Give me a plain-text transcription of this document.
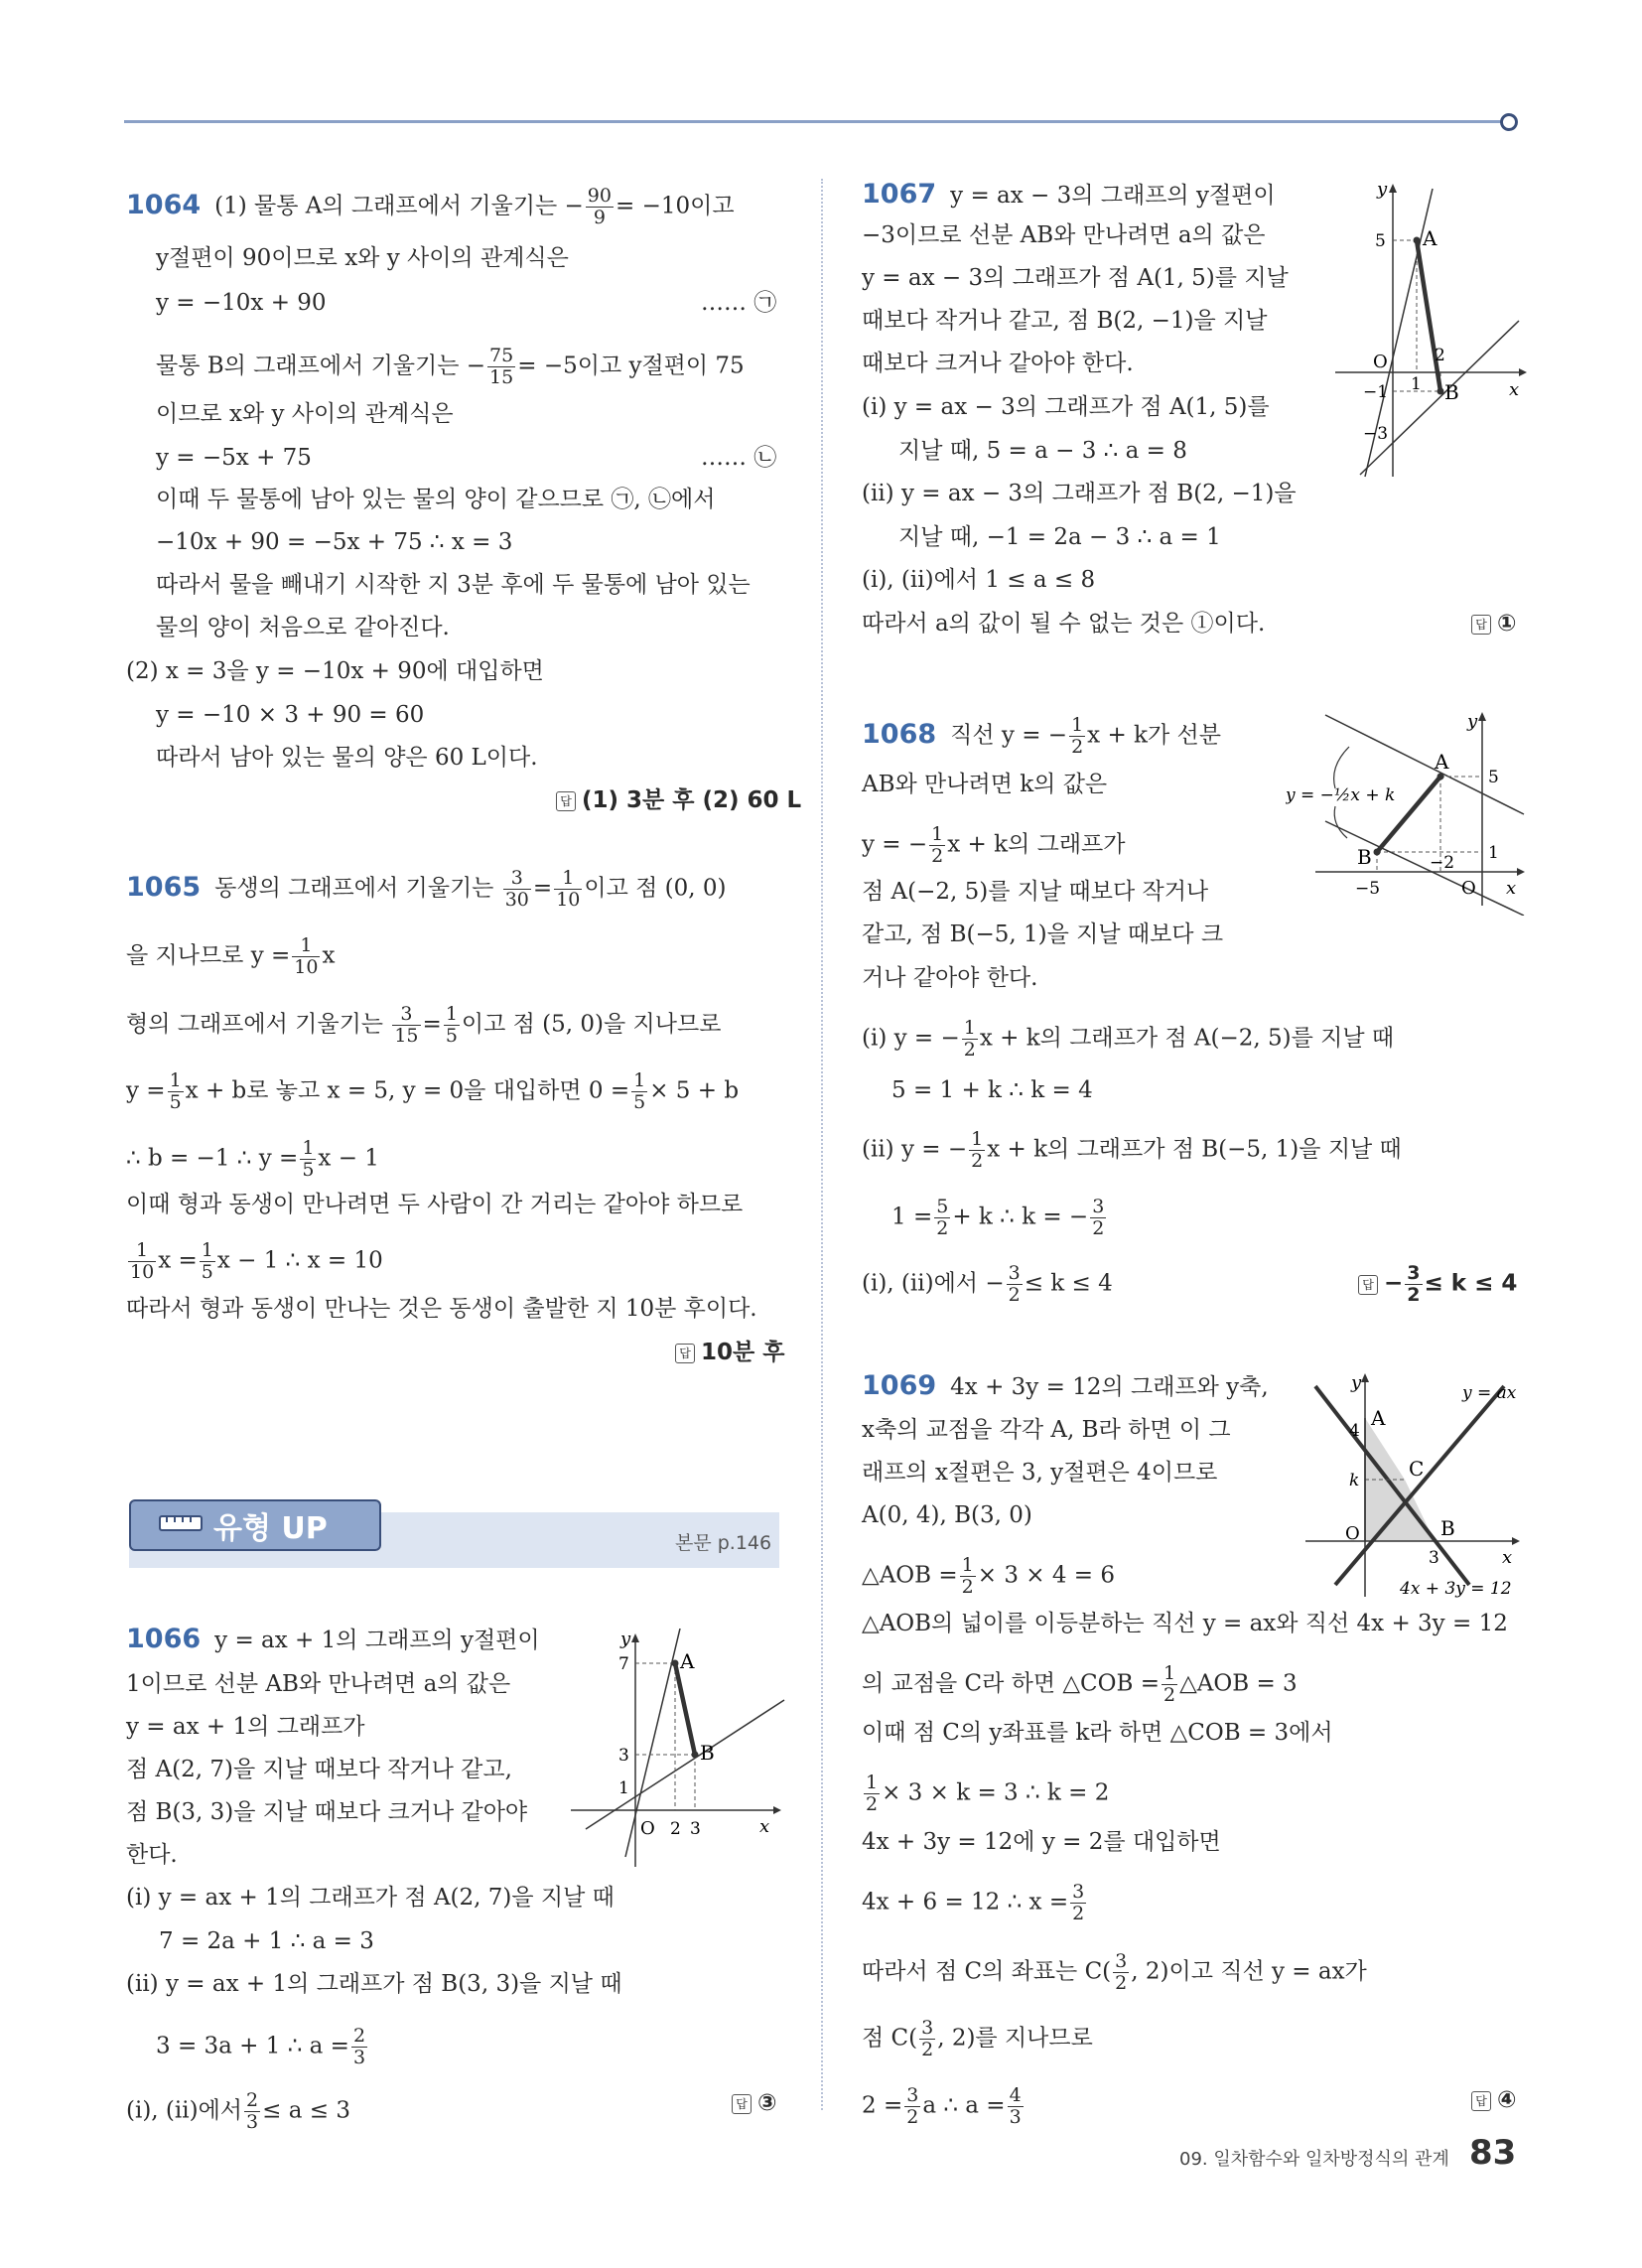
1064 (1) 물통 A의 그래프에서 기울기는 − $\frac{90}{9} = -10$이고
y절편이 90이므로 x와 y 사이의 관계식은
y = −10x + 90	…… ㉠
물통 B의 그래프에서 기울기는 − $\frac{75}{15} = -5$이고 y절편이 75
이므로 x와 y 사이의 관계식은
y = −5x + 75	…… ㉡
이때 두 물통에 남아 있는 물의 양이 같으므로 ㉠, ㉡에서
−10x + 90 = −5x + 75 ∴ x = 3
따라서 물을 빼내기 시작한 지 3분 후에 두 물통에 남아 있는
물의 양이 처음으로 같아진다.
(2) x = 3을 y = −10x + 90에 대입하면
y = −10 × 3 + 90 = 60
따라서 남아 있는 물의 양은 60 L이다.
답 (1) 3분 후 (2) 60 L
1065 동생의 그래프에서 기울기는 $\frac{3}{30} = \frac{1}{10}$ 이고 점 (0, 0)
을 지나므로 $y = \frac{1}{10}$ x
형의 그래프에서 기울기는 $\frac{3}{15} = \frac{1}{5}$ 이고 점 (5, 0)을 지나므로
$y = \frac{1}{5}$ x + b로 놓고 x = 5, y = 0을 대입하면 $0 = \frac{1}{5} \times 5 + b$
∴ b = −1 ∴ $y = \frac{1}{5}$ x − 1
이때 형과 동생이 만나려면 두 사람이 간 거리는 같아야 하므로
$\frac{1}{10}$ $x = \frac{1}{5}$ x − 1 ∴ x = 10
따라서 형과 동생이 만나는 것은 동생이 출발한 지 10분 후이다.
답 10분 후
유형 UP	본문 p.146
1066 y = ax + 1의 그래프의 y절편이
1이므로 선분 AB와 만나려면 a의 값은
y = ax + 1의 그래프가
점 A(2, 7)을 지날 때보다 작거나 같고,
점 B(3, 3)을 지날 때보다 크거나 같아야
한다.
(ⅰ) y = ax + 1의 그래프가 점 A(2, 7)을 지날 때
7 = 2a + 1 ∴ a = 3
(ⅱ) y = ax + 1의 그래프가 점 B(3, 3)을 지날 때
3 = 3a + 1 ∴ $a = \frac{2}{3}$
(ⅰ), (ⅱ)에서 $\frac{2}{3} \le a \le 3$	답 ③
y
x
O
A
B
7
3
1
2 3
1067 y = ax − 3의 그래프의 y절편이
−3이므로 선분 AB와 만나려면 a의 값은
y = ax − 3의 그래프가 점 A(1, 5)를 지날
때보다 작거나 같고, 점 B(2, −1)을 지날
때보다 크거나 같아야 한다.
(ⅰ) y = ax − 3의 그래프가 점 A(1, 5)를
지날 때, 5 = a − 3 ∴ a = 8
(ⅱ) y = ax − 3의 그래프가 점 B(2, −1)을
지날 때, −1 = 2a − 3 ∴ a = 1
(ⅰ), (ⅱ)에서 1 ≤ a ≤ 8
따라서 a의 값이 될 수 없는 것은 ①이다.	답 ①
y
x
O
A
B
5
−1
−3
1
2
1068 직선 y = − $\frac{1}{2}$ x + k가 선분
AB와 만나려면 k의 값은
y = − $\frac{1}{2}$ x + k의 그래프가
점 A(−2, 5)를 지날 때보다 작거나
같고, 점 B(−5, 1)을 지날 때보다 크
거나 같아야 한다.
(ⅰ) y = − $\frac{1}{2}$ x + k의 그래프가 점 A(−2, 5)를 지날 때
5 = 1 + k ∴ k = 4
(ⅱ) y = − $\frac{1}{2}$ x + k의 그래프가 점 B(−5, 1)을 지날 때
$1 = \frac{5}{2} + k$ ∴ k = − $\frac{3}{2}$
(ⅰ), (ⅱ)에서 − $\frac{3}{2} \le k \le 4$	답 − $\frac{3}{2} \le k \le 4$
y
x
O
A
B
y = −½x + k
5
1
−5
−2
1069 4x + 3y = 12의 그래프와 y축,
x축의 교점을 각각 A, B라 하면 이 그
래프의 x절편은 3, y절편은 4이므로
A(0, 4), B(3, 0)
△AOB = $\frac{1}{2} \times 3 \times 4 = 6$
△AOB의 넓이를 이등분하는 직선 y = ax와 직선 4x + 3y = 12
의 교점을 C라 하면 △COB = $\frac{1}{2}$ △AOB = 3
이때 점 C의 y좌표를 k라 하면 △COB = 3에서
$\frac{1}{2} \times 3 \times k = 3$ ∴ k = 2
4x + 3y = 12에 y = 2를 대입하면
4x + 6 = 12 ∴ $x = \frac{3}{2}$
따라서 점 C의 좌표는 $C( \frac{3}{2}$ , 2)이고 직선 y = ax가
점 $C( \frac{3}{2}$ , 2)를 지나므로
$2 = \frac{3}{2}$ a ∴ $a = \frac{4}{3}$	답 ④
y
x
O
A
B
C
y = ax
4x + 3y = 12
4
k
3
09. 일차함수와 일차방정식의 관계 83
